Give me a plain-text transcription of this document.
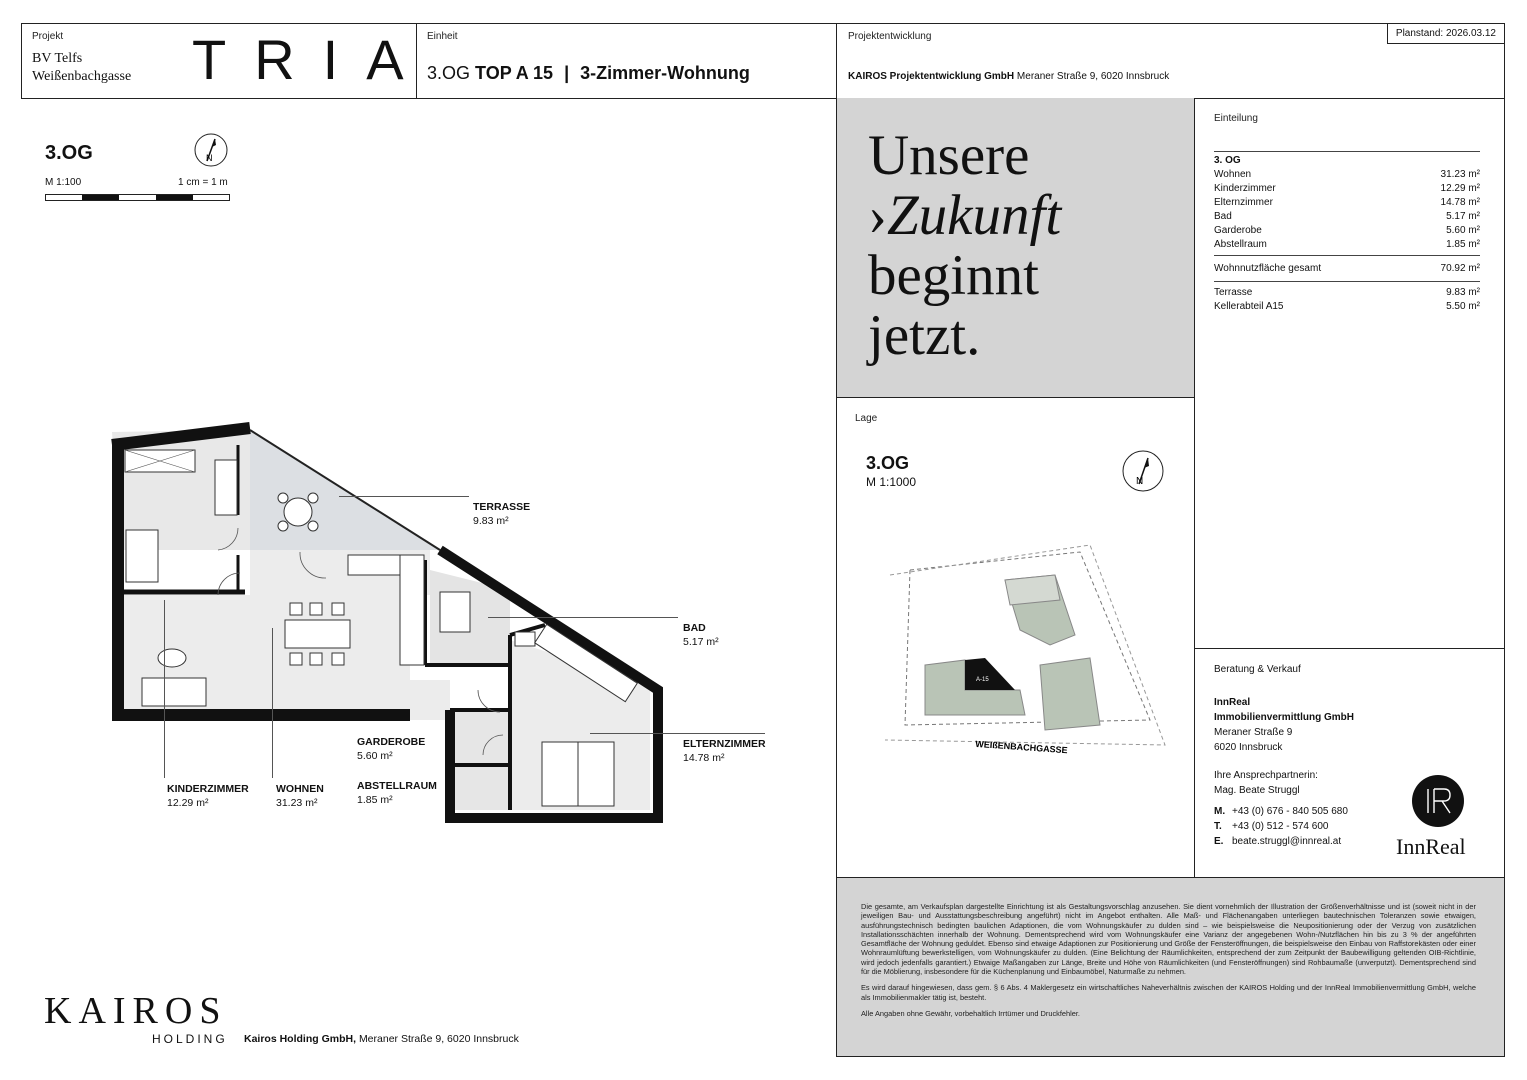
Projekt
BV Telfs
Weißenbachgasse TRIA
Einheit
3.OG TOP A 15 | 3-Zimmer-Wohnung
Projektentwicklung
KAIROS Projektentwicklung GmbH Meraner Straße 9, 6020 Innsbruck
Planstand: 2026.03.12
3.OG	N
M 1:100	1 cm = 1 m
TERRASSE
9.83 m²
BAD
5.17 m²
GARDEROBE
5.60 m²
ABSTELLRAUM
1.85 m²
ELTERNZIMMER
14.78 m²
KINDERZIMMER
12.29 m²
WOHNEN
31.23 m²
Unsere
›Zukunft
beginnt
jetzt.
Einteilung
3. OG
Wohnen	31.23 m²
Kinderzimmer	12.29 m²
Elternzimmer	14.78 m²
Bad	5.17 m²
Garderobe	5.60 m²
Abstellraum	1.85 m²
Wohnnutzfläche gesamt	70.92 m²
Terrasse	9.83 m²
Kellerabteil A15	5.50 m²
Lage
3.OG
M 1:1000	N
A-15
WEIßENBACHGASSE
Beratung & Verkauf
InnReal
Immobilienvermittlung GmbH
Meraner Straße 9
6020 Innsbruck
Ihre Ansprechpartnerin:
Mag. Beate Struggl
M. +43 (0) 676 - 840 505 680
T. +43 (0) 512 - 574 600
E. beate.struggl@innreal.at	InnReal

Die gesamte, am Verkaufsplan dargestellte Einrichtung ist als Gestaltungsvorschlag anzusehen. Sie dient vornehmlich der Illustration der Größenverhältnisse und ist (soweit nicht in der jeweiligen Bau- und Ausstattungsbeschreibung angeführt) nicht im Angebot enthalten. Alle Maß- und Flächenangaben unterliegen bautechnischen Toleranzen sowie etwaigen, ausführungstechnisch bedingten baulichen Adaptionen, die vom Wohnungskäufer zu dulden sind – wie beispielsweise die Neupositionierung oder der Verzug von zusätzlichen Installationsschächten innerhalb der Wohnung. Dementsprechend wird vom Wohnungskäufer eine Varianz der angegebenen Wohn-/Nutzflächen hin bis zu 3 % der angeführten Gesamtfläche der Wohnung geduldet. Ebenso sind etwaige Adaptionen zur Positionierung und Größe der Fensteröffnungen, die beispielsweise den Einbau von Raffstorekästen oder einer Wohnraumlüftung bewerkstelligen, vom Wohnungskäufer zu dulden. (Eine Belichtung der Räumlichkeiten, entsprechend der zum Zeitpunkt der Baubewilligung geltenden OIB-Richtlinie, wird jedoch jedenfalls garantiert.) Etwaige Maßangaben zur Länge, Breite und Höhe von Räumlichkeiten (und Fensteröffnungen) sind Rohbaumaße (unverputzt). Dementsprechend sind für die Möblierung, insbesondere für die Küchenplanung und Einbaumöbel, Naturmaße zu nehmen.

Es wird darauf hingewiesen, dass gem. § 6 Abs. 4 Maklergesetz ein wirtschaftliches Naheverhältnis zwischen der KAIROS Holding und der InnReal Immobilienvermittlung GmbH, welche als Immobilienmakler tätig ist, besteht.

Alle Angaben ohne Gewähr, vorbehaltlich Irrtümer und Druckfehler.

KAIROS
HOLDING Kairos Holding GmbH, Meraner Straße 9, 6020 Innsbruck
